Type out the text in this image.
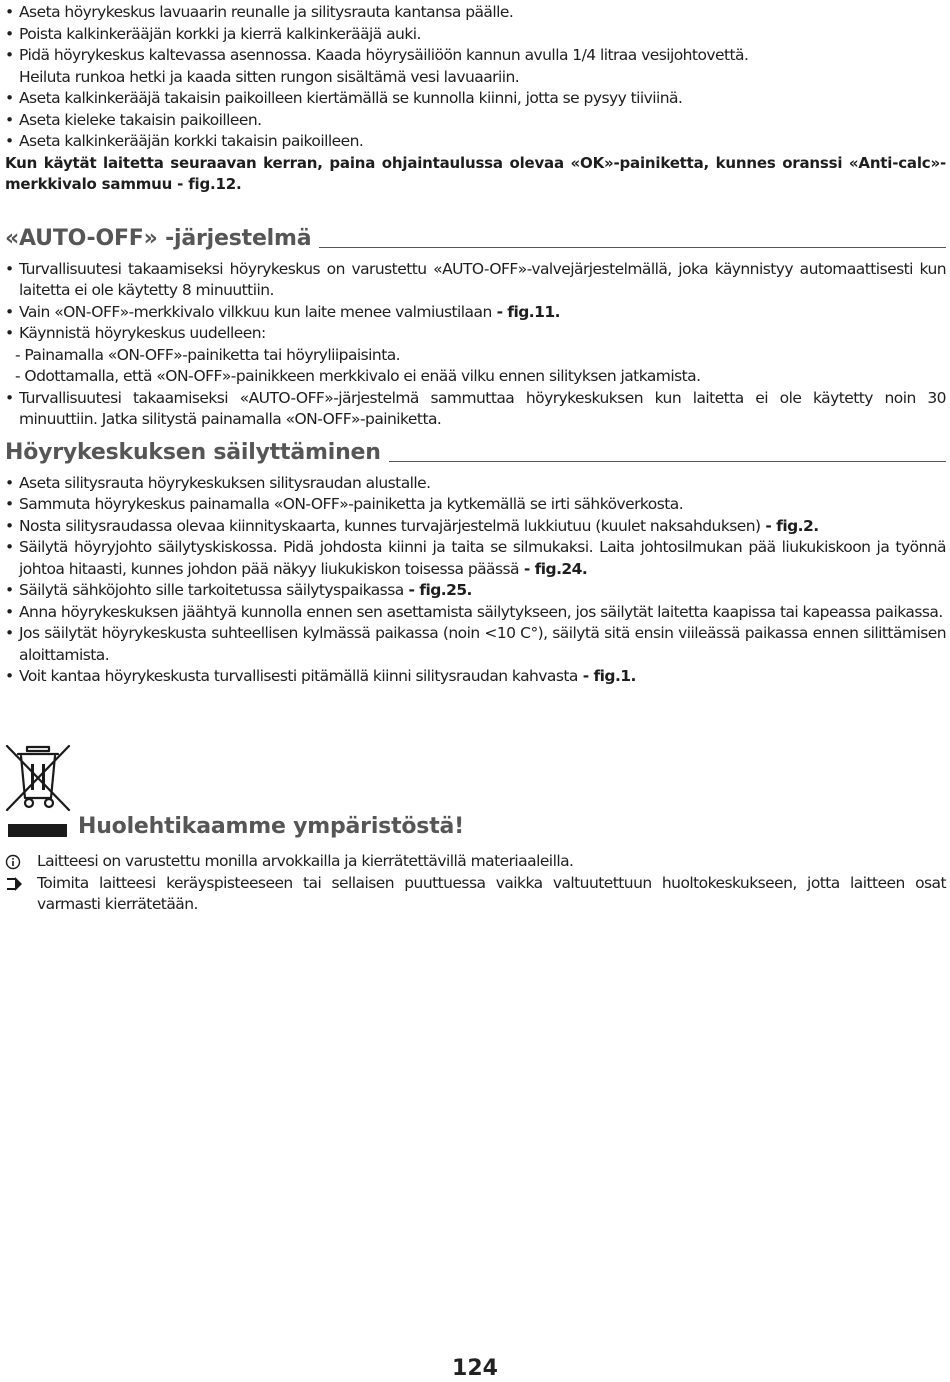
• Aseta höyrykeskus lavuaarin reunalle ja silitysrauta kantansa päälle.
• Poista kalkinkerääjän korkki ja kierrä kalkinkerääjä auki.
• Pidä höyrykeskus kaltevassa asennossa. Kaada höyrysäiliöön kannun avulla 1/4 litraa vesijohtovettä.
Heiluta runkoa hetki ja kaada sitten rungon sisältämä vesi lavuaariin.
• Aseta kalkinkerääjä takaisin paikoilleen kiertämällä se kunnolla kiinni, jotta se pysyy tiiviinä.
• Aseta kieleke takaisin paikoilleen.
• Aseta kalkinkerääjän korkki takaisin paikoilleen.
Kun käytät laitetta seuraavan kerran, paina ohjaintaulussa olevaa «OK»-painiketta, kunnes oranssi «Anti-calc»- merkkivalo sammuu - fig.12.
«AUTO-OFF» -järjestelmä
• Turvallisuutesi takaamiseksi höyrykeskus on varustettu «AUTO-OFF»-valvejärjestelmällä, joka käynnistyy automaattisesti kun laitetta ei ole käytetty 8 minuuttiin.
• Vain «ON-OFF»-merkkivalo vilkkuu kun laite menee valmiustilaan - fig.11.
• Käynnistä höyrykeskus uudelleen:
- Painamalla «ON-OFF»-painiketta tai höyryliipaisinta.
- Odottamalla, että «ON-OFF»-painikkeen merkkivalo ei enää vilku ennen silityksen jatkamista.
• Turvallisuutesi takaamiseksi «AUTO-OFF»-järjestelmä sammuttaa höyrykeskuksen kun laitetta ei ole käytetty noin 30 minuuttiin. Jatka silitystä painamalla «ON-OFF»-painiketta.
Höyrykeskuksen säilyttäminen
• Aseta silitysrauta höyrykeskuksen silitysraudan alustalle.
• Sammuta höyrykeskus painamalla «ON-OFF»-painiketta ja kytkemällä se irti sähköverkosta.
• Nosta silitysraudassa olevaa kiinnityskaarta, kunnes turvajärjestelmä lukkiutuu (kuulet naksahduksen) - fig.2.
• Säilytä höyryjohto säilytyskiskossa. Pidä johdosta kiinni ja taita se silmukaksi. Laita johtosilmukan pää liukukiskoon ja työnnä johtoa hitaasti, kunnes johdon pää näkyy liukukiskon toisessa päässä - fig.24.
• Säilytä sähköjohto sille tarkoitetussa säilytyspaikassa - fig.25.
• Anna höyrykeskuksen jäähtyä kunnolla ennen sen asettamista säilytykseen, jos säilytät laitetta kaapissa tai kapeassa paikassa.
• Jos säilytät höyrykeskusta suhteellisen kylmässä paikassa (noin <10 C°), säilytä sitä ensin viileässä paikassa ennen silittämisen aloittamista.
• Voit kantaa höyrykeskusta turvallisesti pitämällä kiinni silitysraudan kahvasta - fig.1.
Huolehtikaamme ympäristöstä!
Laitteesi on varustettu monilla arvokkailla ja kierrätettävillä materiaaleilla.
Toimita laitteesi keräyspisteeseen tai sellaisen puuttuessa vaikka valtuutettuun huoltokeskukseen, jotta laitteen osat varmasti kierrätetään.
124
